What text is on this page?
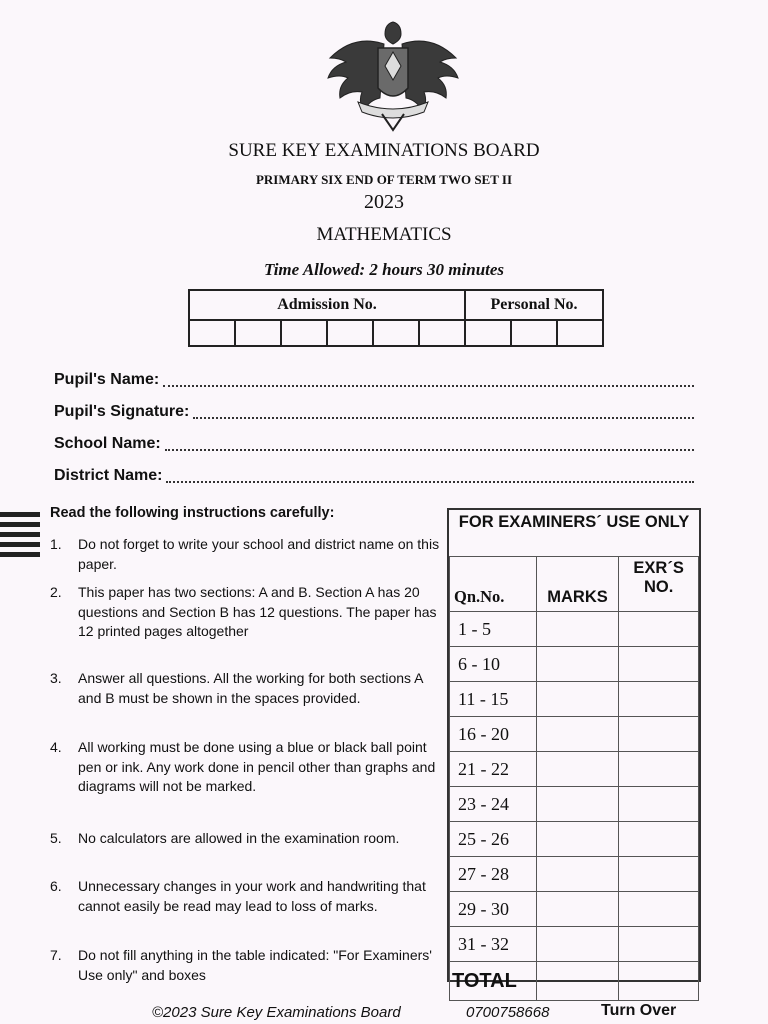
SURE KEY EXAMINATIONS BOARD
PRIMARY SIX END OF TERM TWO SET II
2023
MATHEMATICS
Time Allowed: 2 hours 30 minutes
Admission No.						Personal No.		

Pupil's Name:
Pupil's Signature:
School Name:
District Name:
Read the following instructions carefully:
1. Do not forget to write your school and district name on this paper.
2. This paper has two sections: A and B. Section A has 20 questions and Section B has 12 questions. The paper has 12 printed pages altogether
3. Answer all questions. All the working for both sections A and B must be shown in the spaces provided.
4. All working must be done using a blue or black ball point pen or ink. Any work done in pencil other than graphs and diagrams will not be marked.
5. No calculators are allowed in the examination room.
6. Unnecessary changes in your work and handwriting that cannot easily be read may lead to loss of marks.
7. Do not fill anything in the table indicated: "For Examiners' Use only" and boxes
FOR EXAMINERS´ USE ONLY
Qn.No.	MARKS	EXR´S NO.
1 - 5		
6 - 10		
11 - 15		
16 - 20		
21 - 22		
23 - 24		
25 - 26		
27 - 28		
29 - 30		
31 - 32		
TOTAL		
©2023 Sure Key Examinations Board	0700758668	Turn Over
